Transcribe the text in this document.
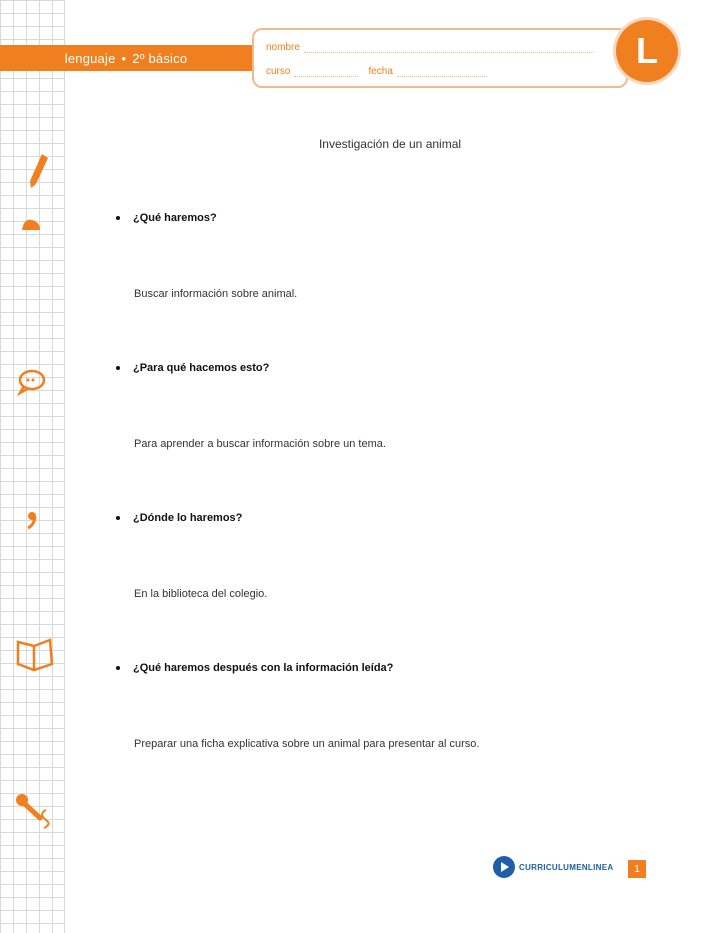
lenguaje • 2º básico
nombre
curso	fecha
L
Investigación de un animal
¿Qué haremos?
Buscar información sobre animal.
¿Para qué hacemos esto?
Para aprender a buscar información sobre un tema.
¿Dónde lo haremos?
En la biblioteca del colegio.
¿Qué haremos después con la información leída?
Preparar una ficha explicativa sobre un animal para presentar al curso.
CURRICULUMENLINEA	1
